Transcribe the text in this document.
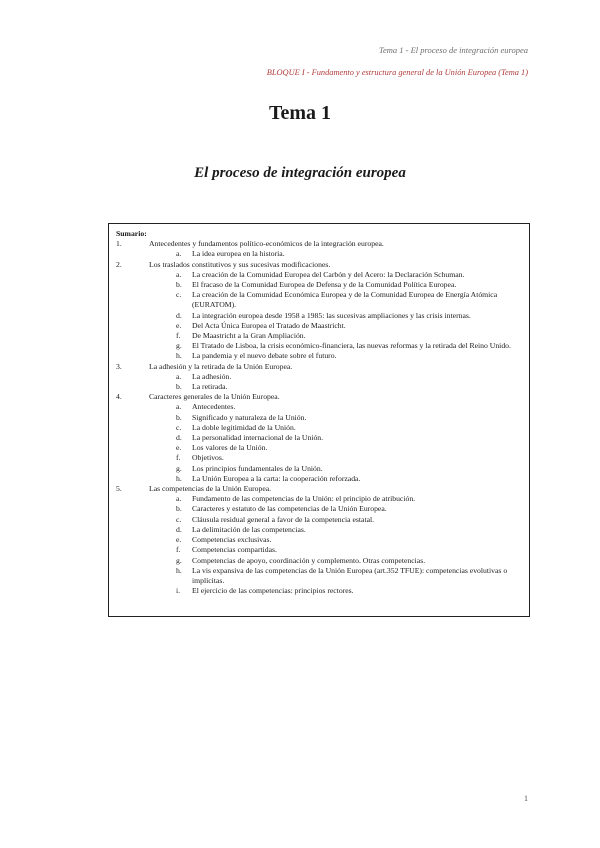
Tema 1 - El proceso de integración europea
BLOQUE I - Fundamento y estructura general de la Unión Europea (Tema 1)
Tema 1
El proceso de integración europea
Sumario:
1.	Antecedentes y fundamentos político-económicos de la integración europea.
a.	La idea europea en la historia.
2.	Los traslados constitutivos y sus sucesivas modificaciones.
a.	La creación de la Comunidad Europea del Carbón y del Acero: la Declaración Schuman.
b.	El fracaso de la Comunidad Europea de Defensa y de la Comunidad Política Europea.
c.	La creación de la Comunidad Económica Europea y de la Comunidad Europea de Energía Atómica (EURATOM).
d.	La integración europea desde 1958 a 1985: las sucesivas ampliaciones y las crisis internas.
e.	Del Acta Única Europea el Tratado de Maastricht.
f.	De Maastricht a la Gran Ampliación.
g.	El Tratado de Lisboa, la crisis económico-financiera, las nuevas reformas y la retirada del Reino Unido.
h.	La pandemia y el nuevo debate sobre el futuro.
3.	La adhesión y la retirada de la Unión Europea.
a.	La adhesión.
b.	La retirada.
4.	Caracteres generales de la Unión Europea.
a.	Antecedentes.
b.	Significado y naturaleza de la Unión.
c.	La doble legitimidad de la Unión.
d.	La personalidad internacional de la Unión.
e.	Los valores de la Unión.
f.	Objetivos.
g.	Los principios fundamentales de la Unión.
h.	La Unión Europea a la carta: la cooperación reforzada.
5.	Las competencias de la Unión Europea.
a.	Fundamento de las competencias de la Unión: el principio de atribución.
b.	Caracteres y estatuto de las competencias de la Unión Europea.
c.	Cláusula residual general a favor de la competencia estatal.
d.	La delimitación de las competencias.
e.	Competencias exclusivas.
f.	Competencias compartidas.
g.	Competencias de apoyo, coordinación y complemento. Otras competencias.
h.	La vis expansiva de las competencias de la Unión Europea (art.352 TFUE): competencias evolutivas o implícitas.
i.	El ejercicio de las competencias: principios rectores.
1
